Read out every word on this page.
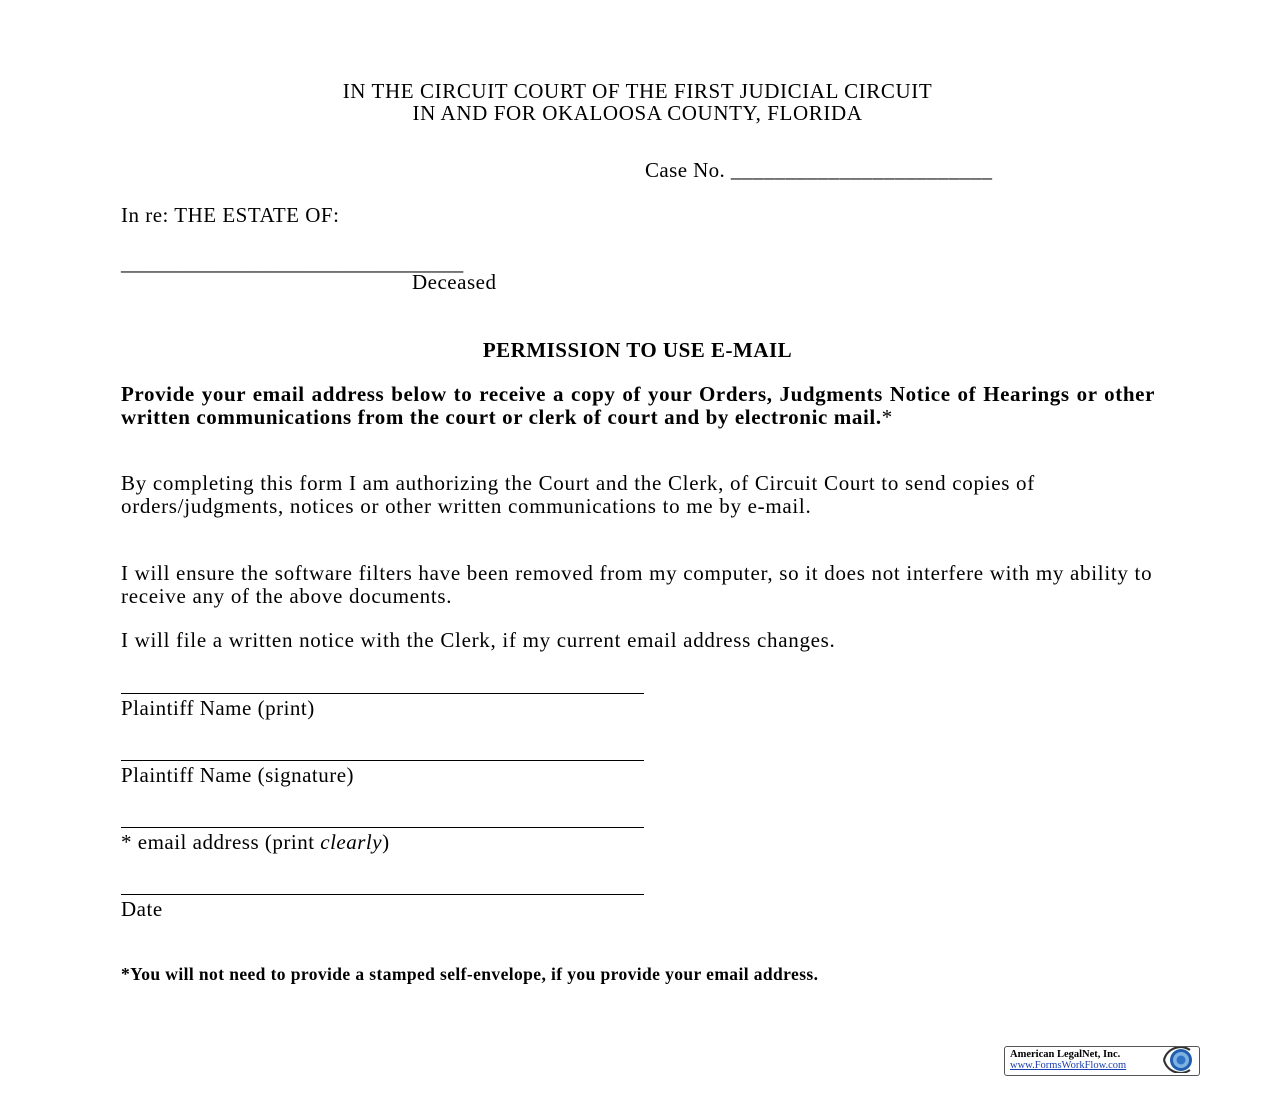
IN THE CIRCUIT COURT OF THE FIRST JUDICIAL CIRCUIT
IN AND FOR OKALOOSA COUNTY, FLORIDA
Case No. ________________________
In re: THE ESTATE OF:
________________________________
Deceased
PERMISSION TO USE E-MAIL
Provide your email address below to receive a copy of your Orders, Judgments Notice of Hearings or other written communications from the court or clerk of court and by electronic mail.*
By completing this form I am authorizing the Court and the Clerk, of Circuit Court to send copies of orders/judgments, notices or other written communications to me by e-mail.
I will ensure the software filters have been removed from my computer, so it does not interfere with my ability to receive any of the above documents.
I will file a written notice with the Clerk, if my current email address changes.
Plaintiff Name (print)
Plaintiff Name (signature)
* email address (print clearly)
Date
*You will not need to provide a stamped self-envelope, if you provide your email address.
American LegalNet, Inc.
www.FormsWorkFlow.com
